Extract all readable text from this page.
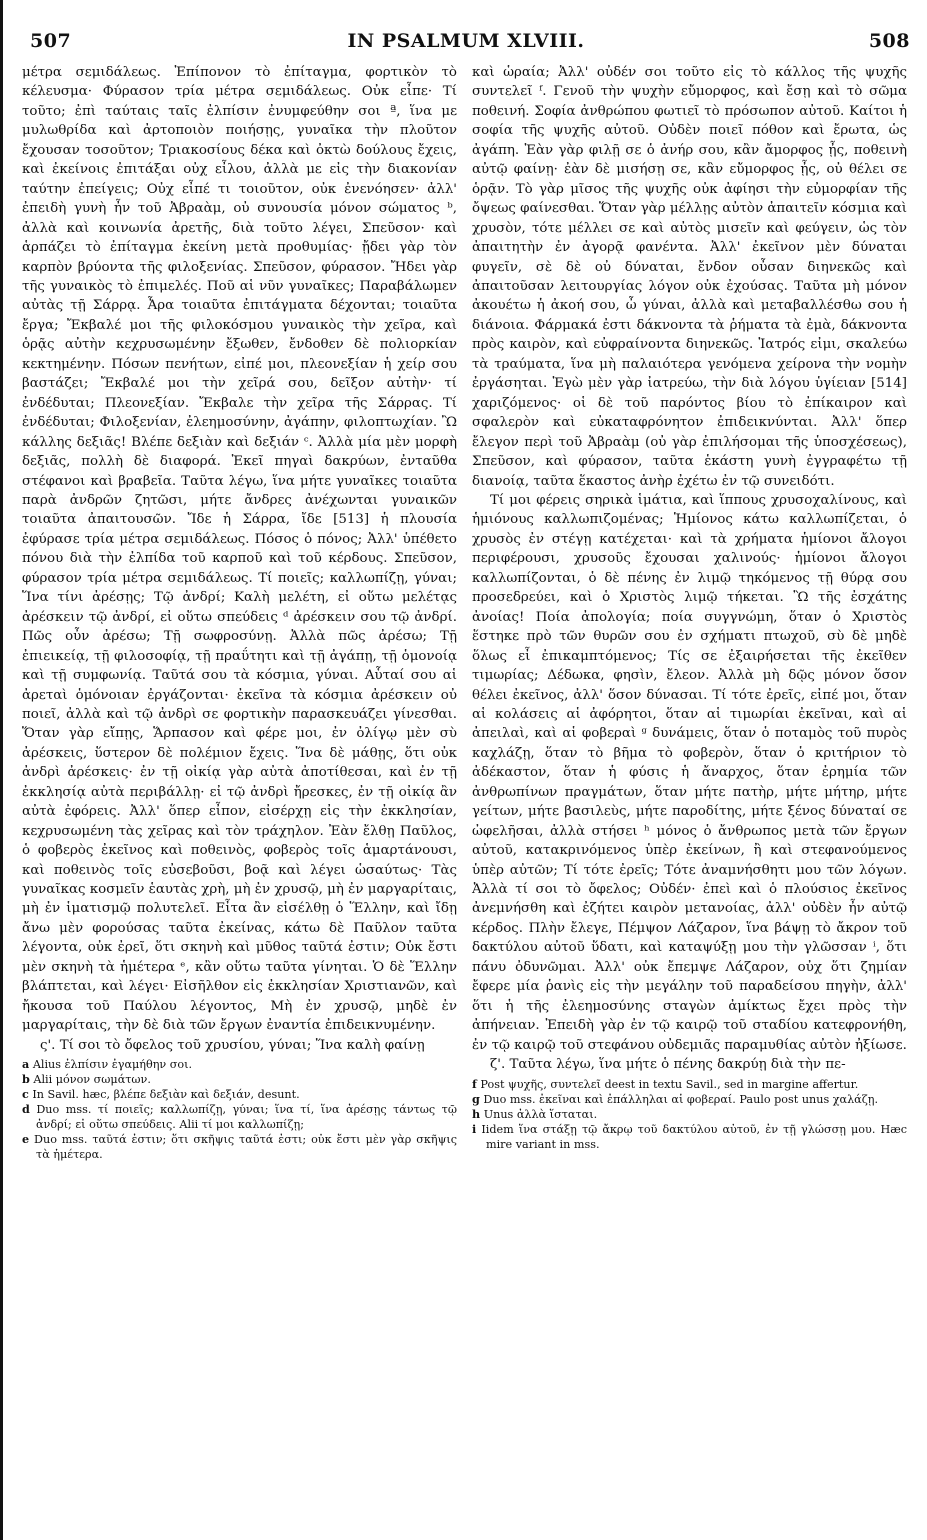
507	IN PSALMUM XLVIII.	508

μέτρα σεμιδάλεως. Ἐπίπονον τὸ ἐπίταγμα, φορτικὸν τὸ κέλευσμα· Φύρασον τρία μέτρα σεμιδάλεως. Οὐκ εἶπε· Τί τοῦτο; ἐπὶ ταύταις ταῖς ἐλπίσιν ἐνυμφεύθην σοι ª, ἵνα με μυλωθρίδα καὶ ἀρτοποιὸν ποιήσῃς, γυναῖκα τὴν πλοῦτον ἔχουσαν τοσοῦτον; Τριακοσίους δέκα καὶ ὀκτὼ δούλους ἔχεις, καὶ ἐκείνοις ἐπιτάξαι οὐχ εἶλου, ἀλλὰ με εἰς τὴν διακονίαν ταύτην ἐπείγεις; Οὐχ εἶπέ τι τοιοῦτον, οὐκ ἐνενόησεν· ἀλλ' ἐπειδὴ γυνὴ ἦν τοῦ Ἀβραὰμ, οὐ συνουσία μόνον σώματος ᵇ, ἀλλὰ καὶ κοινωνία ἀρετῆς, διὰ τοῦτο λέγει, Σπεῦσον· καὶ ἁρπάζει τὸ ἐπίταγμα ἐκείνη μετὰ προθυμίας· ᾔδει γὰρ τὸν καρπὸν βρύοντα τῆς φιλοξενίας. Σπεῦσον, φύρασον. Ἤδει γὰρ τῆς γυναικὸς τὸ ἐπιμελές. Ποῦ αἱ νῦν γυναῖκες; Παραβάλωμεν αὐτὰς τῇ Σάρρᾳ. Ἆρα τοιαῦτα ἐπιτάγματα δέχονται; τοιαῦτα ἔργα; Ἔκβαλέ μοι τῆς φιλοκόσμου γυναικὸς τὴν χεῖρα, καὶ ὁρᾷς αὐτὴν κεχρυσωμένην ἔξωθεν, ἔνδοθεν δὲ πολιορκίαν κεκτημένην. Πόσων πενήτων, εἰπέ μοι, πλεονεξίαν ἡ χείρ σου βαστάζει; Ἔκβαλέ μοι τὴν χεῖρά σου, δεῖξον αὐτὴν· τί ἐνδέδυται; Πλεονεξίαν. Ἔκβαλε τὴν χεῖρα τῆς Σάρρας. Τί ἐνδέδυται; Φιλοξενίαν, ἐλεημοσύνην, ἀγάπην, φιλοπτωχίαν. Ὢ κάλλης δεξιᾶς! Βλέπε δεξιὰν καὶ δεξιάν ᶜ. Ἀλλὰ μία μὲν μορφὴ δεξιᾶς, πολλὴ δὲ διαφορά. Ἐκεῖ πηγαὶ δακρύων, ἐνταῦθα στέφανοι καὶ βραβεῖα. Ταῦτα λέγω, ἵνα μήτε γυναῖκες τοιαῦτα παρὰ ἀνδρῶν ζητῶσι, μήτε ἄνδρες ἀνέχωνται γυναικῶν τοιαῦτα ἀπαιτουσῶν. Ἴδε ἡ Σάρρα, ἴδε [513] ἡ πλουσία ἐφύρασε τρία μέτρα σεμιδάλεως. Πόσος ὁ πόνος; Ἀλλ' ὑπέθετο πόνου διὰ τὴν ἐλπίδα τοῦ καρποῦ καὶ τοῦ κέρδους. Σπεῦσον, φύρασον τρία μέτρα σεμιδάλεως. Τί ποιεῖς; καλλωπίζῃ, γύναι; Ἵνα τίνι ἀρέσῃς; Τῷ ἀνδρί; Καλὴ μελέτη, εἰ οὕτω μελέτᾳς ἀρέσκειν τῷ ἀνδρί, εἰ οὕτω σπεύδεις ᵈ ἀρέσκειν σου τῷ ἀνδρί. Πῶς οὖν ἀρέσω; Τῇ σωφροσύνῃ. Ἀλλὰ πῶς ἀρέσω; Τῇ ἐπιεικείᾳ, τῇ φιλοσοφίᾳ, τῇ πραΰτητι καὶ τῇ ἀγάπῃ, τῇ ὁμονοίᾳ καὶ τῇ συμφωνίᾳ. Ταῦτά σου τὰ κόσμια, γύναι. Αὗταί σου αἱ ἀρεταὶ ὁμόνοιαν ἐργάζονται· ἐκεῖνα τὰ κόσμια ἀρέσκειν οὐ ποιεῖ, ἀλλὰ καὶ τῷ ἀνδρὶ σε φορτικὴν παρασκευάζει γίνεσθαι. Ὅταν γὰρ εἴπῃς, Ἅρπασον καὶ φέρε μοι, ἐν ὀλίγῳ μὲν σὺ ἀρέσκεις, ὕστερον δὲ πολέμιον ἔχεις. Ἵνα δὲ μάθῃς, ὅτι οὐκ ἀνδρὶ ἀρέσκεις· ἐν τῇ οἰκίᾳ γὰρ αὐτὰ ἀποτίθεσαι, καὶ ἐν τῇ ἐκκλησίᾳ αὐτὰ περιβάλλῃ· εἰ τῷ ἀνδρὶ ἤρεσκες, ἐν τῇ οἰκίᾳ ἂν αὐτὰ ἐφόρεις. Ἀλλ' ὅπερ εἶπον, εἰσέρχῃ εἰς τὴν ἐκκλησίαν, κεχρυσωμένη τὰς χεῖρας καὶ τὸν τράχηλον. Ἐὰν ἔλθῃ Παῦλος, ὁ φοβερὸς ἐκεῖνος καὶ ποθεινὸς, φοβερὸς τοῖς ἁμαρτάνουσι, καὶ ποθεινὸς τοῖς εὐσεβοῦσι, βοᾷ καὶ λέγει ὡσαύτως· Τὰς γυναῖκας κοσμεῖν ἑαυτὰς χρὴ, μὴ ἐν χρυσῷ, μὴ ἐν μαργαρίταις, μὴ ἐν ἱματισμῷ πολυτελεῖ. Εἶτα ἂν εἰσέλθῃ ὁ Ἕλλην, καὶ ἴδῃ ἄνω μὲν φορούσας ταῦτα ἐκείνας, κάτω δὲ Παῦλον ταῦτα λέγοντα, οὐκ ἐρεῖ, ὅτι σκηνὴ καὶ μῦθος ταῦτά ἐστιν; Οὐκ ἔστι μὲν σκηνὴ τὰ ἡμέτερα ᵉ, κἂν οὕτω ταῦτα γίνηται. Ὁ δὲ Ἕλλην βλάπτεται, καὶ λέγει· Εἰσῆλθον εἰς ἐκκλησίαν Χριστιανῶν, καὶ ἤκουσα τοῦ Παύλου λέγοντος, Μὴ ἐν χρυσῷ, μηδὲ ἐν μαργαρίταις, τὴν δὲ διὰ τῶν ἔργων ἐναντία ἐπιδεικνυμένην.

ς'. Τί σοι τὸ ὄφελος τοῦ χρυσίου, γύναι; Ἵνα καλὴ φαίνῃ

a Alius ἐλπίσιν ἐγαμήθην σοι.

b Alii μόνον σωμάτων.

c In Savil. hæc, βλέπε δεξιὰν καὶ δεξιάν, desunt.

d Duo mss. τί ποιεῖς; καλλωπίζῃ, γύναι; ἵνα τί, ἵνα ἀρέσῃς τάντως τῷ ἀνδρί; εἰ οὕτω σπεύδεις. Alii τί μοι καλλωπίζῃ;

e Duo mss. ταῦτά ἐστιν; ὅτι σκῆψις ταῦτά ἐστι; οὐκ ἔστι μὲν γὰρ σκῆψις τὰ ἡμέτερα.

καὶ ὡραία; Ἀλλ' οὐδέν σοι τοῦτο εἰς τὸ κάλλος τῆς ψυχῆς συντελεῖ ᶠ. Γενοῦ τὴν ψυχὴν εὔμορφος, καὶ ἔσῃ καὶ τὸ σῶμα ποθεινή. Σοφία ἀνθρώπου φωτιεῖ τὸ πρόσωπον αὐτοῦ. Καίτοι ἡ σοφία τῆς ψυχῆς αὐτοῦ. Οὐδὲν ποιεῖ πόθον καὶ ἔρωτα, ὡς ἀγάπη. Ἐὰν γὰρ φιλῇ σε ὁ ἀνήρ σου, κἂν ἄμορφος ᾖς, ποθεινὴ αὐτῷ φαίνῃ· ἐὰν δὲ μισήσῃ σε, κἂν εὔμορφος ᾖς, οὐ θέλει σε ὁρᾷν. Τὸ γὰρ μῖσος τῆς ψυχῆς οὐκ ἀφίησι τὴν εὐμορφίαν τῆς ὄψεως φαίνεσθαι. Ὅταν γὰρ μέλλῃς αὐτὸν ἀπαιτεῖν κόσμια καὶ χρυσὸν, τότε μέλλει σε καὶ αὐτὸς μισεῖν καὶ φεύγειν, ὡς τὸν ἀπαιτητὴν ἐν ἀγορᾷ φανέντα. Ἀλλ' ἐκεῖνον μὲν δύναται φυγεῖν, σὲ δὲ οὐ δύναται, ἔνδον οὖσαν διηνεκῶς καὶ ἀπαιτοῦσαν λειτουργίας λόγον οὐκ ἐχούσας. Ταῦτα μὴ μόνον ἀκουέτω ἡ ἀκοή σου, ὦ γύναι, ἀλλὰ καὶ μεταβαλλέσθω σου ἡ διάνοια. Φάρμακά ἐστι δάκνοντα τὰ ῥήματα τὰ ἐμὰ, δάκνοντα πρὸς καιρὸν, καὶ εὐφραίνοντα διηνεκῶς. Ἰατρός εἰμι, σκαλεύω τὰ τραύματα, ἵνα μὴ παλαιότερα γενόμενα χείρονα τὴν νομὴν ἐργάσηται. Ἐγὼ μὲν γὰρ ἰατρεύω, τὴν διὰ λόγου ὑγίειαν [514] χαριζόμενος· οἱ δὲ τοῦ παρόντος βίου τὸ ἐπίκαιρον καὶ σφαλερὸν καὶ εὐκαταφρόνητον ἐπιδεικνύνται. Ἀλλ' ὅπερ ἔλεγον περὶ τοῦ Ἀβραὰμ (οὐ γὰρ ἐπιλήσομαι τῆς ὑποσχέσεως), Σπεῦσον, καὶ φύρασον, ταῦτα ἑκάστη γυνὴ ἐγγραφέτω τῇ διανοίᾳ, ταῦτα ἕκαστος ἀνὴρ ἐχέτω ἐν τῷ συνειδότι.

Τί μοι φέρεις σηρικὰ ἱμάτια, καὶ ἵππους χρυσοχαλίνους, καὶ ἡμιόνους καλλωπιζομένας; Ἡμίονος κάτω καλλωπίζεται, ὁ χρυσὸς ἐν στέγῃ κατέχεται· καὶ τὰ χρήματα ἡμίονοι ἄλογοι περιφέρουσι, χρυσοῦς ἔχουσαι χαλινούς· ἡμίονοι ἄλογοι καλλωπίζονται, ὁ δὲ πένης ἐν λιμῷ τηκόμενος τῇ θύρᾳ σου προσεδρεύει, καὶ ὁ Χριστὸς λιμῷ τήκεται. Ὢ τῆς ἐσχάτης ἀνοίας! Ποία ἀπολογία; ποία συγγνώμη, ὅταν ὁ Χριστὸς ἕστηκε πρὸ τῶν θυρῶν σου ἐν σχήματι πτωχοῦ, σὺ δὲ μηδὲ ὅλως εἶ ἐπικαμπτόμενος; Τίς σε ἐξαιρήσεται τῆς ἐκεῖθεν τιμωρίας; Δέδωκα, φησὶν, ἔλεον. Ἀλλὰ μὴ δῷς μόνον ὅσον θέλει ἐκεῖνος, ἀλλ' ὅσον δύνασαι. Τί τότε ἐρεῖς, εἰπέ μοι, ὅταν αἱ κολάσεις αἱ ἀφόρητοι, ὅταν αἱ τιμωρίαι ἐκεῖναι, καὶ αἱ ἀπειλαὶ, καὶ αἱ φοβεραὶ ᵍ δυνάμεις, ὅταν ὁ ποταμὸς τοῦ πυρὸς καχλάζῃ, ὅταν τὸ βῆμα τὸ φοβερὸν, ὅταν ὁ κριτήριον τὸ ἀδέκαστον, ὅταν ἡ φύσις ἡ ἄναρχος, ὅταν ἐρημία τῶν ἀνθρωπίνων πραγμάτων, ὅταν μήτε πατὴρ, μήτε μήτηρ, μήτε γείτων, μήτε βασιλεὺς, μήτε παροδίτης, μήτε ξένος δύναταί σε ὠφελῆσαι, ἀλλὰ στήσει ʰ μόνος ὁ ἄνθρωπος μετὰ τῶν ἔργων αὐτοῦ, κατακρινόμενος ὑπὲρ ἐκείνων, ἢ καὶ στεφανούμενος ὑπὲρ αὐτῶν; Τί τότε ἐρεῖς; Τότε ἀναμνήσθητι μου τῶν λόγων. Ἀλλὰ τί σοι τὸ ὄφελος; Οὐδέν· ἐπεὶ καὶ ὁ πλούσιος ἐκεῖνος ἀνεμνήσθη καὶ ἐζήτει καιρὸν μετανοίας, ἀλλ' οὐδὲν ἦν αὐτῷ κέρδος. Πλὴν ἔλεγε, Πέμψον Λάζαρον, ἵνα βάψῃ τὸ ἄκρον τοῦ δακτύλου αὐτοῦ ὕδατι, καὶ καταψύξῃ μου τὴν γλῶσσαν ⁱ, ὅτι πάνυ ὀδυνῶμαι. Ἀλλ' οὐκ ἔπεμψε Λάζαρον, οὐχ ὅτι ζημίαν ἔφερε μία ῥανὶς εἰς τὴν μεγάλην τοῦ παραδείσου πηγὴν, ἀλλ' ὅτι ἡ τῆς ἐλεημοσύνης σταγὼν ἀμίκτως ἔχει πρὸς τὴν ἀπήνειαν. Ἐπειδὴ γὰρ ἐν τῷ καιρῷ τοῦ σταδίου κατεφρονήθη, ἐν τῷ καιρῷ τοῦ στεφάνου οὐδεμιᾶς παραμυθίας αὐτὸν ἠξίωσε.

ζ'. Ταῦτα λέγω, ἵνα μήτε ὁ πένης δακρύῃ διὰ τὴν πε-

f Post ψυχῆς, συντελεῖ deest in textu Savil., sed in margine affertur.

g Duo mss. ἐκεῖναι καὶ ἐπάλληλαι αἱ φοβεραί. Paulo post unus χαλάζῃ.

h Unus ἀλλὰ ἵσταται.

i Iidem ἵνα στάξῃ τῷ ἄκρῳ τοῦ δακτύλου αὐτοῦ, ἐν τῇ γλώσσῃ μου. Hæc mire variant in mss.
